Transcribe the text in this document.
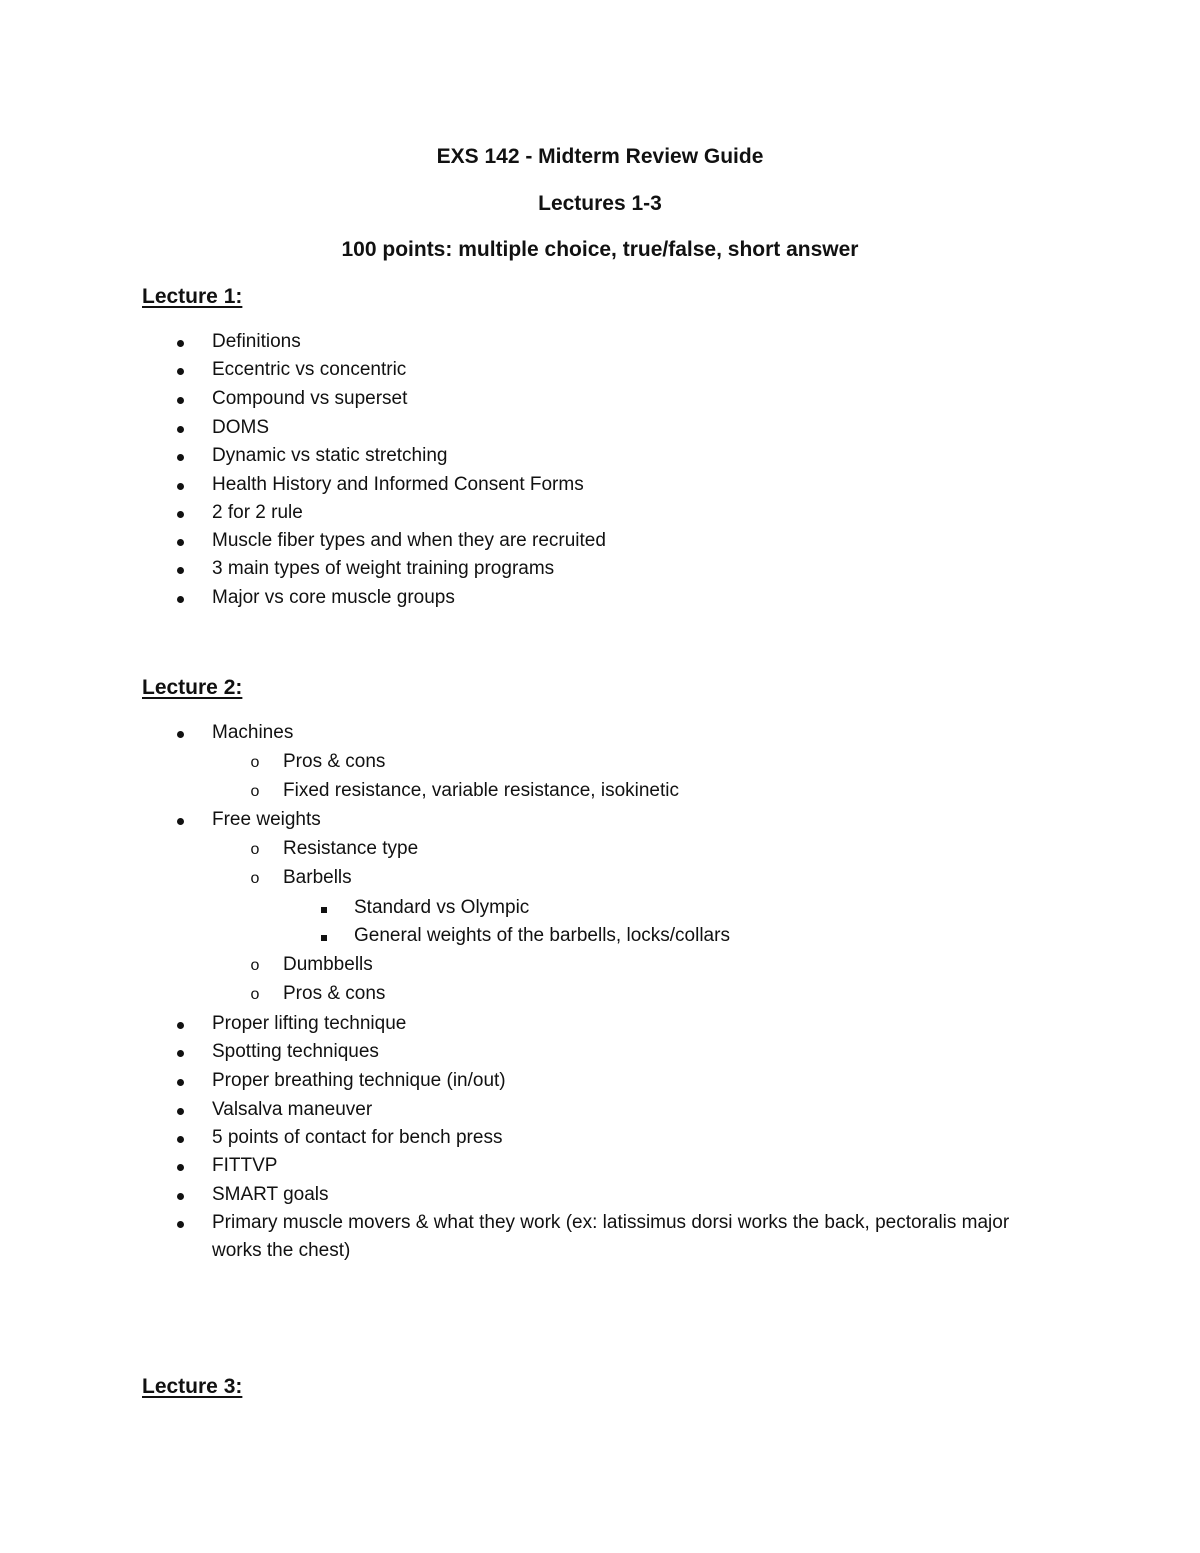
EXS 142 - Midterm Review Guide
Lectures 1-3
100 points: multiple choice, true/false, short answer
Lecture 1:
Definitions
Eccentric vs concentric
Compound vs superset
DOMS
Dynamic vs static stretching
Health History and Informed Consent Forms
2 for 2 rule
Muscle fiber types and when they are recruited
3 main types of weight training programs
Major vs core muscle groups
Lecture 2:
Machines
o Pros & cons
o Fixed resistance, variable resistance, isokinetic
Free weights
o Resistance type
o Barbells
Standard vs Olympic
General weights of the barbells, locks/collars
o Dumbbells
o Pros & cons
Proper lifting technique
Spotting techniques
Proper breathing technique (in/out)
Valsalva maneuver
5 points of contact for bench press
FITTVP
SMART goals
Primary muscle movers & what they work (ex: latissimus dorsi works the back, pectoralis major
works the chest)
Lecture 3:
